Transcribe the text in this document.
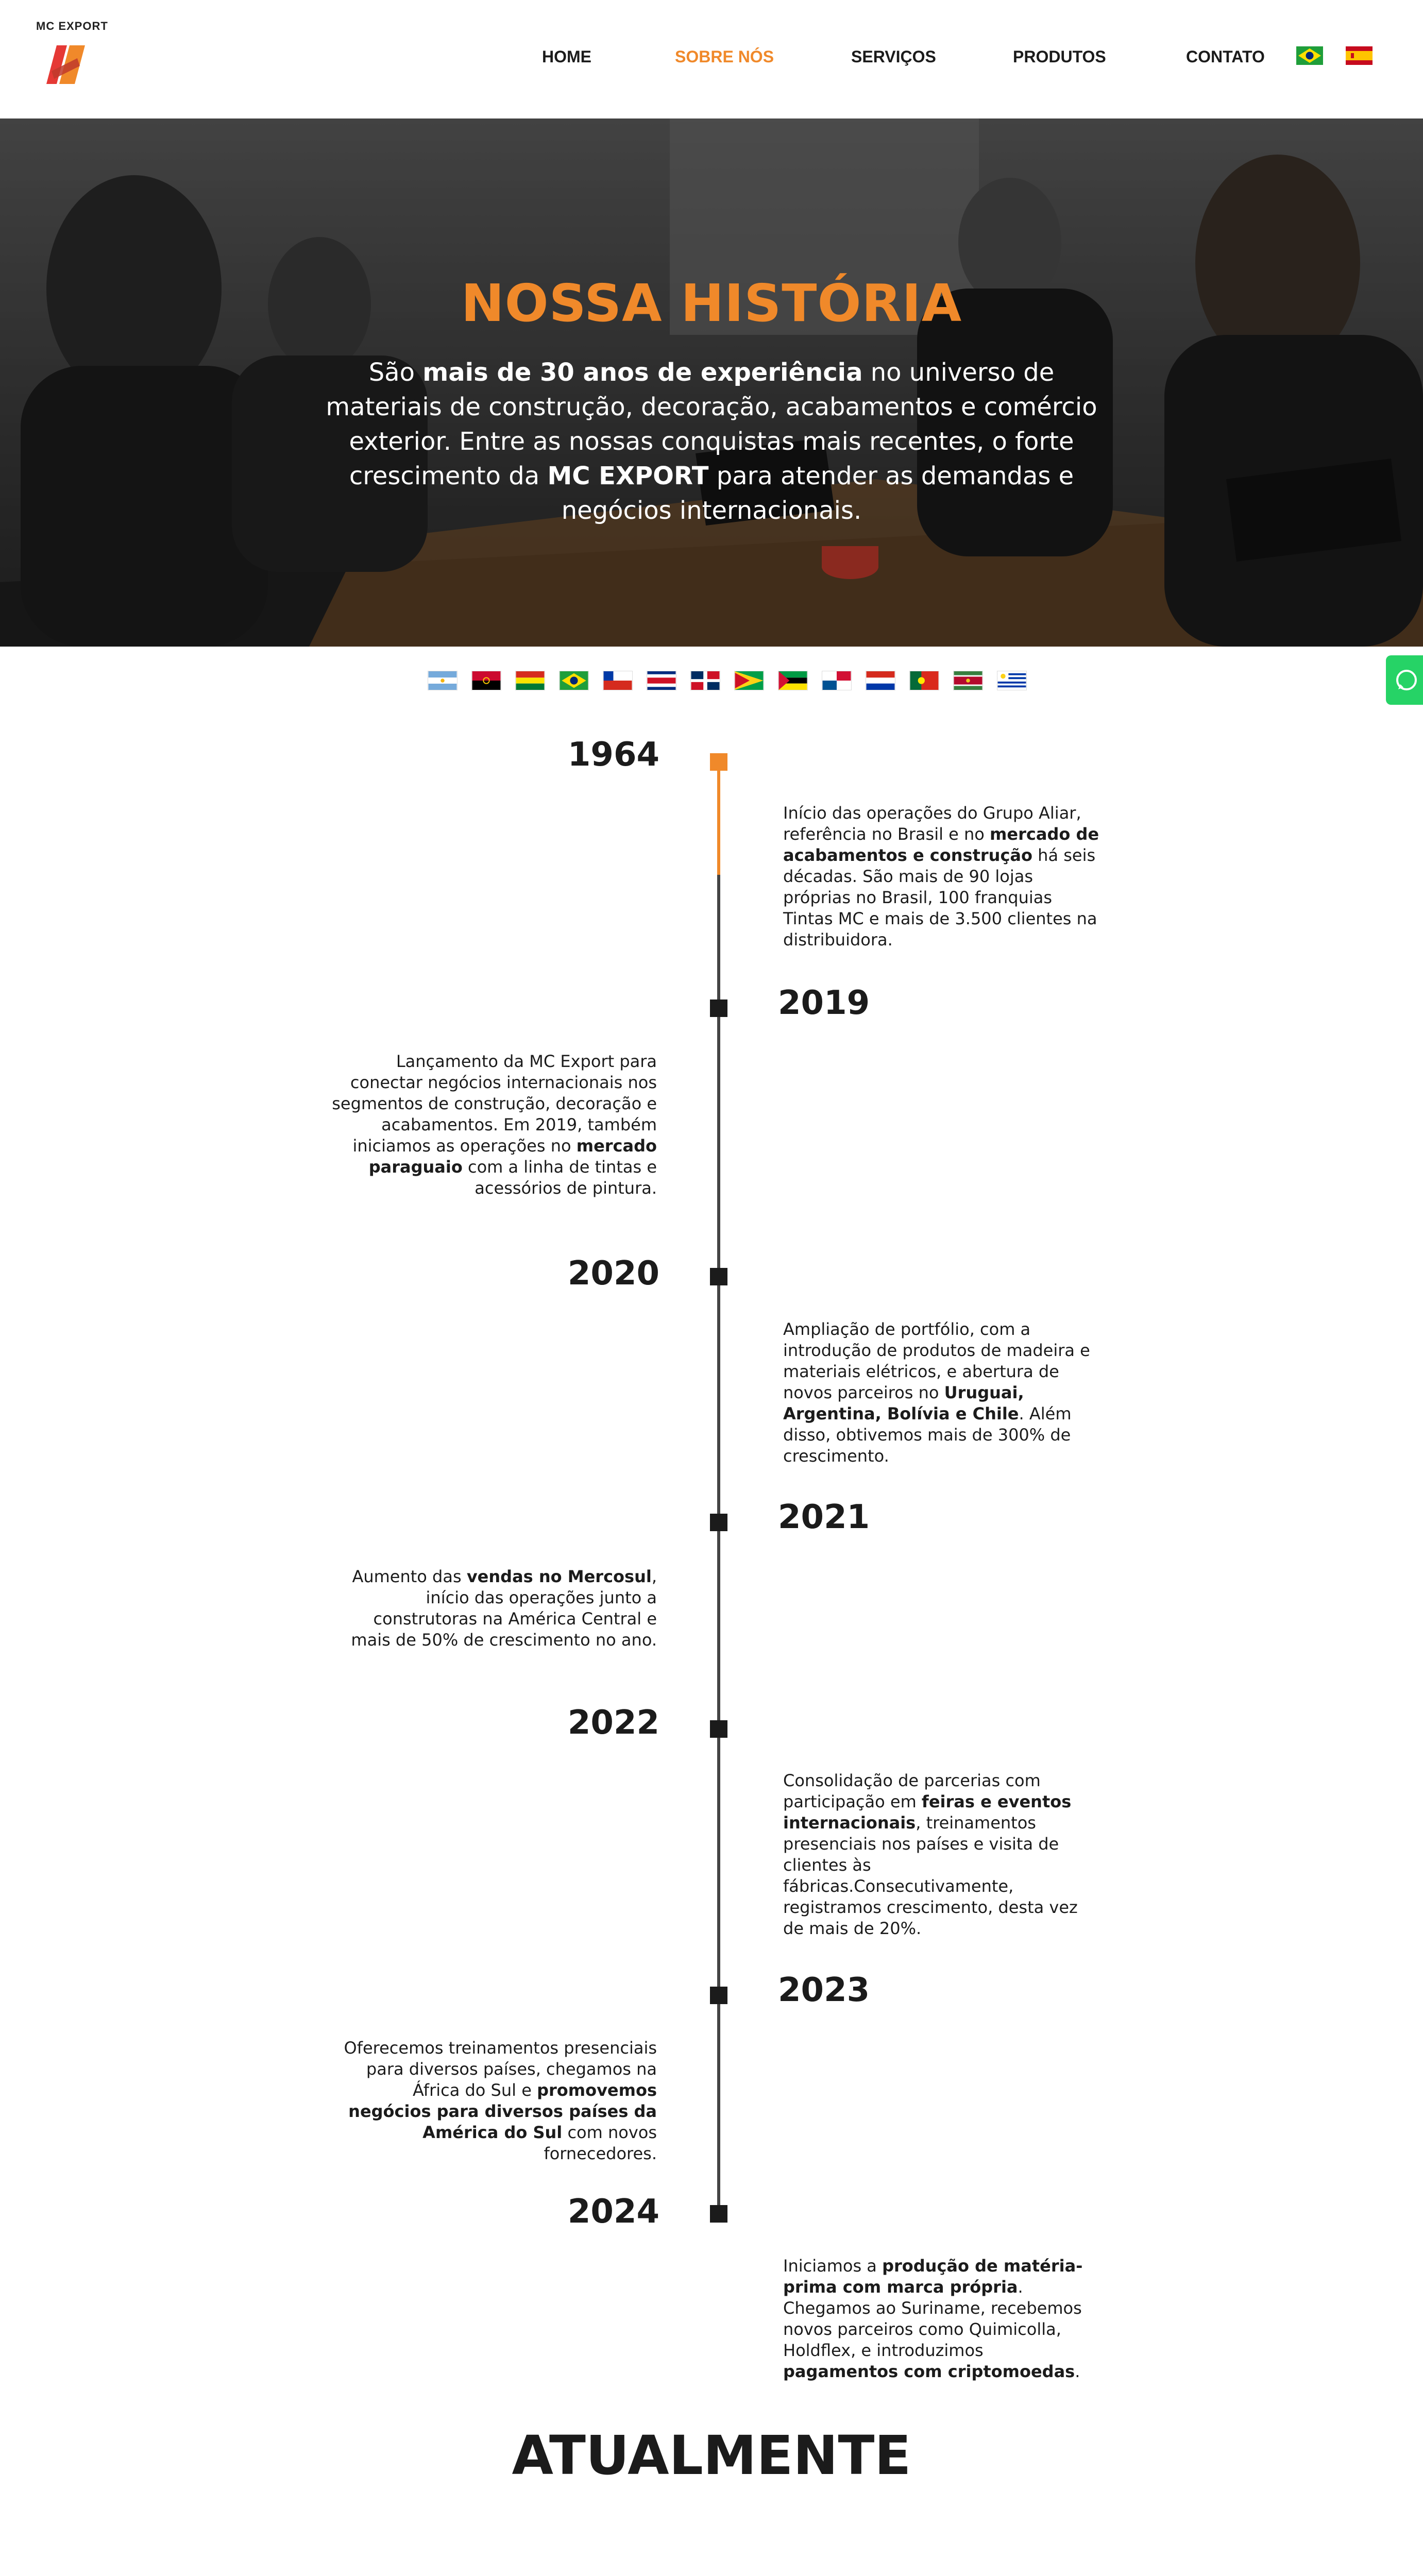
MC EXPORT
HOME	SOBRE NÓS	SERVIÇOS	PRODUTOS	CONTATO
NOSSA HISTÓRIA
São mais de 30 anos de experiência no universo de materiais de construção, decoração, acabamentos e comércio exterior. Entre as nossas conquistas mais recentes, o forte crescimento da MC EXPORT para atender as demandas e negócios internacionais.
1964
Início das operações do Grupo Aliar, referência no Brasil e no mercado de acabamentos e construção há seis décadas. São mais de 90 lojas próprias no Brasil, 100 franquias Tintas MC e mais de 3.500 clientes na distribuidora.
2019
Lançamento da MC Export para conectar negócios internacionais nos segmentos de construção, decoração e acabamentos. Em 2019, também iniciamos as operações no mercado paraguaio com a linha de tintas e acessórios de pintura.
2020
Ampliação de portfólio, com a introdução de produtos de madeira e materiais elétricos, e abertura de novos parceiros no Uruguai, Argentina, Bolívia e Chile. Além disso, obtivemos mais de 300% de crescimento.
2021
Aumento das vendas no Mercosul, início das operações junto a construtoras na América Central e mais de 50% de crescimento no ano.
2022
Consolidação de parcerias com participação em feiras e eventos internacionais, treinamentos presenciais nos países e visita de clientes às fábricas.Consecutivamente, registramos crescimento, desta vez de mais de 20%.
2023
Oferecemos treinamentos presenciais para diversos países, chegamos na África do Sul e promovemos negócios para diversos países da América do Sul com novos fornecedores.
2024
Iniciamos a produção de matéria-prima com marca própria. Chegamos ao Suriname, recebemos novos parceiros como Quimicolla, Holdflex, e introduzimos pagamentos com criptomoedas.
ATUALMENTE
